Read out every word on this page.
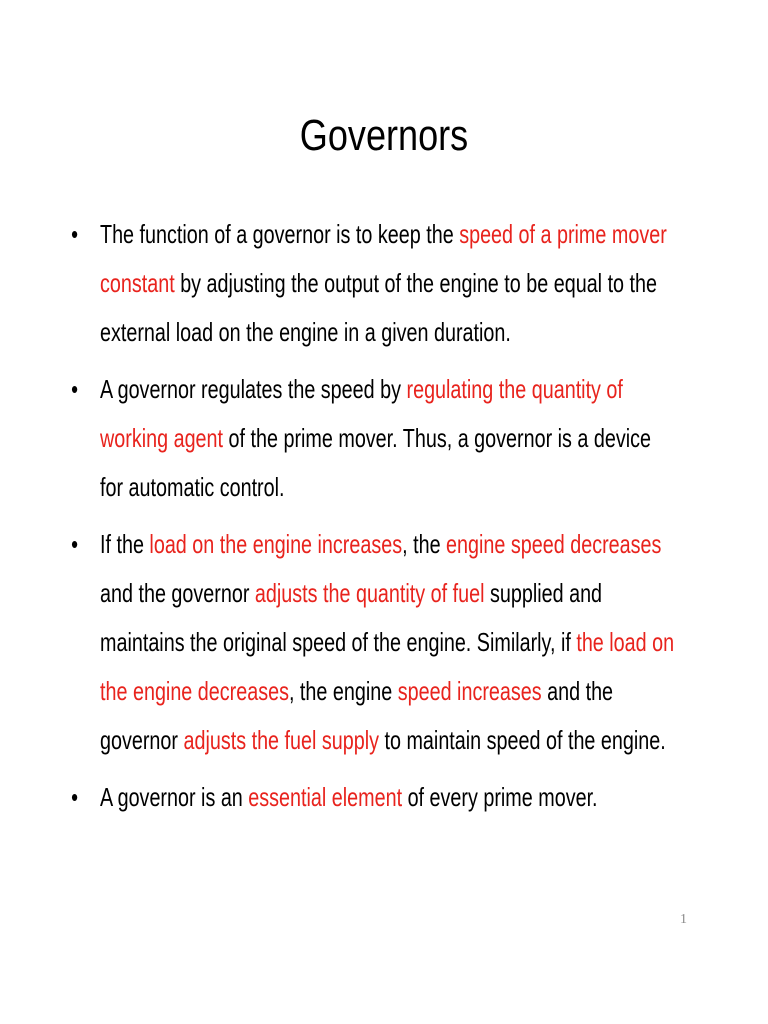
Governors
• The function of a governor is to keep the speed of a prime mover constant by adjusting the output of the engine to be equal to the external load on the engine in a given duration.
• A governor regulates the speed by regulating the quantity of working agent of the prime mover. Thus, a governor is a device for automatic control.
• If the load on the engine increases, the engine speed decreases and the governor adjusts the quantity of fuel supplied and maintains the original speed of the engine. Similarly, if the load on the engine decreases, the engine speed increases and the governor adjusts the fuel supply to maintain speed of the engine.
• A governor is an essential element of every prime mover.
1
